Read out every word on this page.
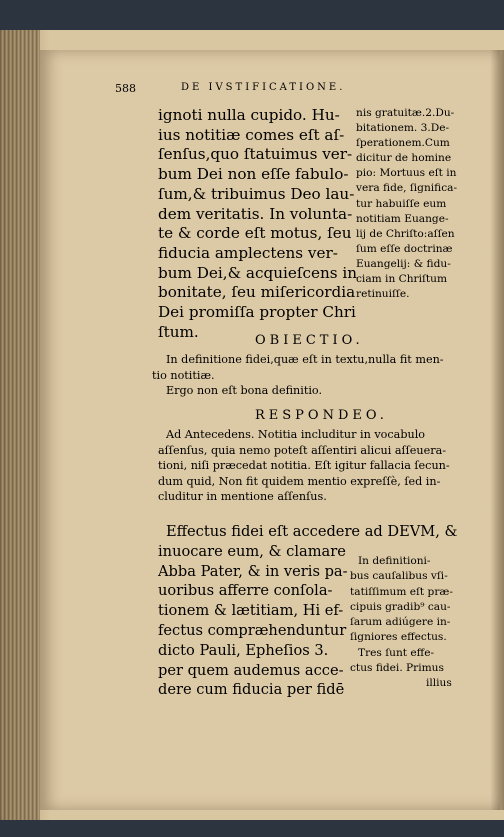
588	DE IVSTIFICATIONE.
ignoti nulla cupido. Hu-
ius notitiæ comes eſt aſ-
ſenſus,quo ſtatuimus ver-
bum Dei non eſſe fabulo-
ſum,& tribuimus Deo lau-
dem veritatis. In volunta-
te & corde eſt motus, ſeu
fiducia amplectens ver-
bum Dei,& acquieſcens in
bonitate, ſeu miſericordia
Dei promiſſa propter Chri
ſtum.
nis gratuitæ.2.Du-
bitationem. 3.De-
ſperationem.Cum
dicitur de homine
pio: Mortuus eſt in
vera fide, ſignifica-
tur habuiſſe eum
notitiam Euange-
lij de Chriſto:aſſen
ſum eſſe doctrinæ
Euangelij: & fidu-
ciam in Chriſtum
retinuiſſe.
OBIECTIO.
In definitione fidei,quæ eſt in textu,nulla fit men-
tio notitiæ.
Ergo non eſt bona definitio.
RESPONDEO.
Ad Antecedens. Notitia includitur in vocabulo
aſſenſus, quia nemo poteſt aſſentiri alicui aſſeuera-
tioni, niſi præcedat notitia. Eſt igitur fallacia ſecun-
dum quid, Non fit quidem mentio expreſſè, ſed in-
cluditur in mentione aſſenſus.
Effectus fidei eſt accedere ad DEVM, &
inuocare eum, & clamare
Abba Pater, & in veris pa-
uoribus afferre conſola-
tionem & lætitiam, Hi ef-
fectus compræhenduntur
dicto Pauli, Epheſios 3.
per quem audemus acce-
dere cum fiducia per fidē
In definitioni-
bus cauſalibus vſi-
tatiſſimum eſt præ-
cipuis gradib⁹ cau-
ſarum adiúgere in-
ſigniores effectus.
Tres ſunt effe-
ctus fidei. Primus
illius
